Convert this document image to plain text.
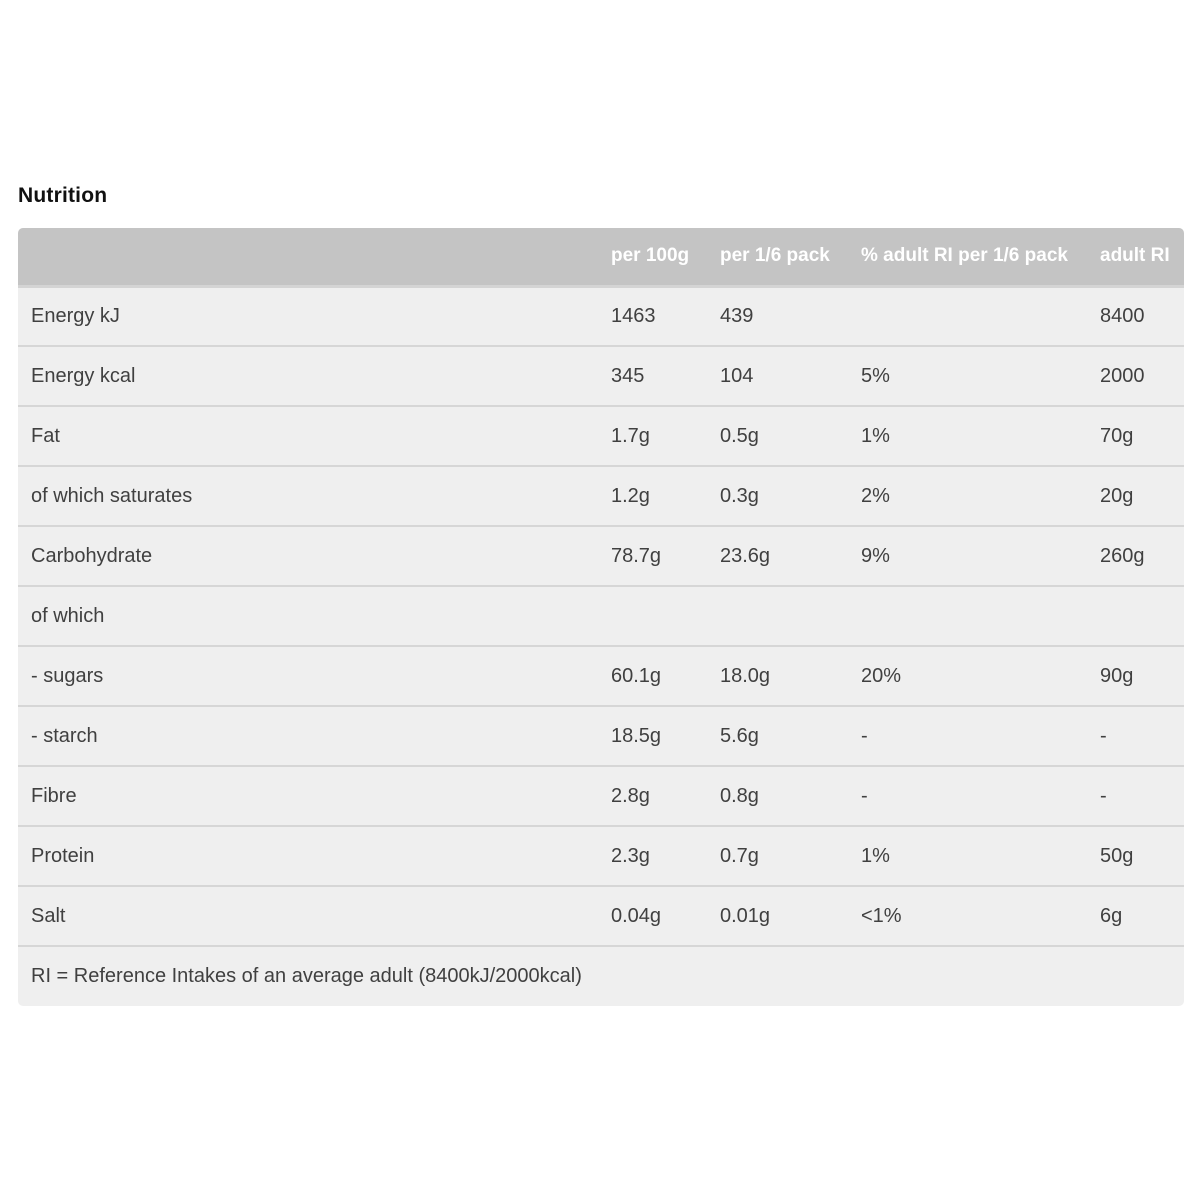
Nutrition
	per 100g	per 1/6 pack	% adult RI per 1/6 pack	adult RI
Energy kJ	1463	439		8400
Energy kcal	345	104	5%	2000
Fat	1.7g	0.5g	1%	70g
of which saturates	1.2g	0.3g	2%	20g
Carbohydrate	78.7g	23.6g	9%	260g
of which				
- sugars	60.1g	18.0g	20%	90g
- starch	18.5g	5.6g	-	-
Fibre	2.8g	0.8g	-	-
Protein	2.3g	0.7g	1%	50g
Salt	0.04g	0.01g	<1%	6g
RI = Reference Intakes of an average adult (8400kJ/2000kcal)				
